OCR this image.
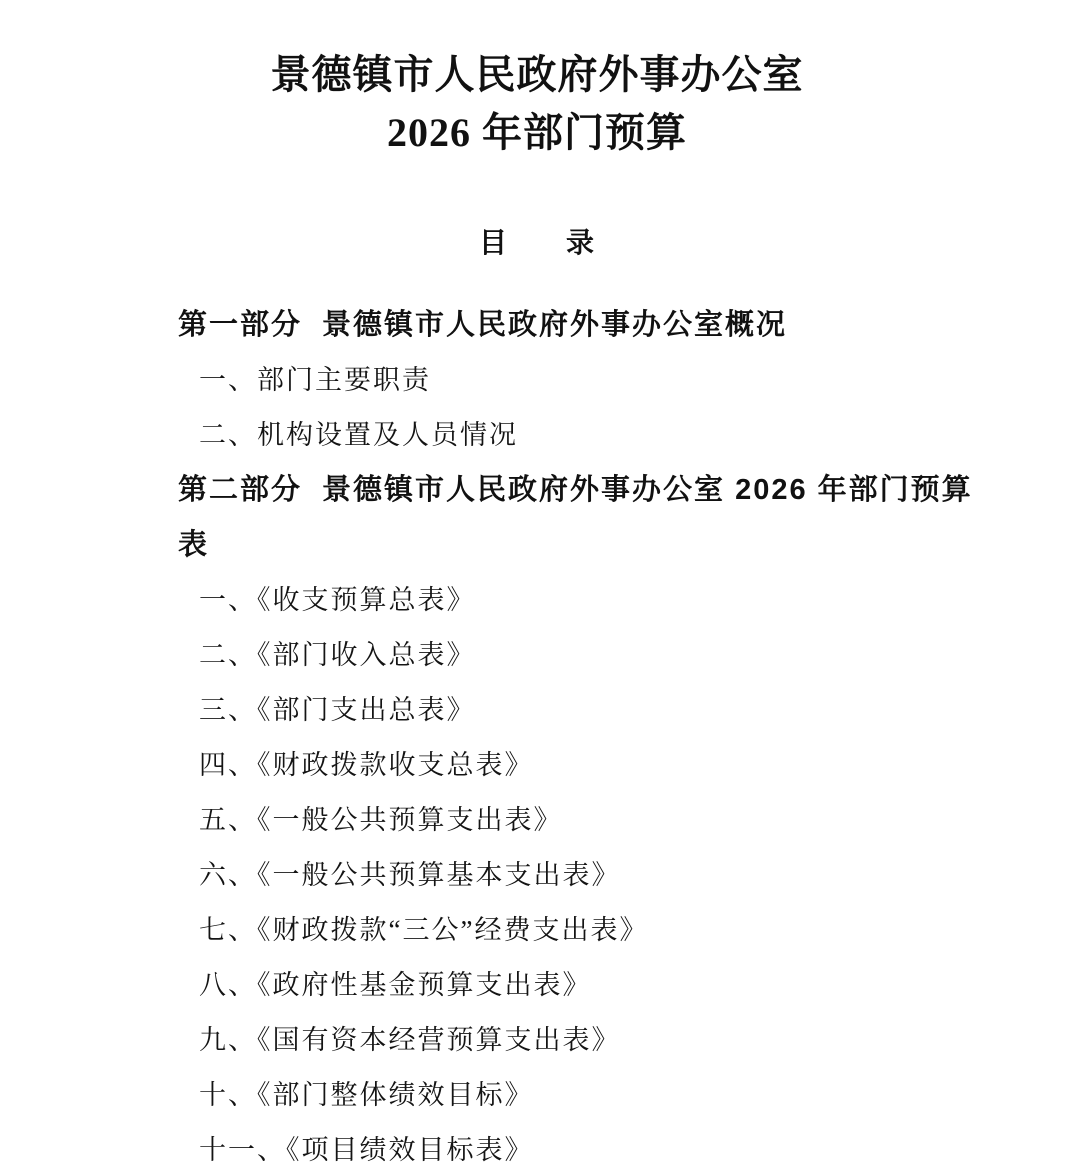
景德镇市人民政府外事办公室
2026 年部门预算
目　　录
第一部分 景德镇市人民政府外事办公室概况
一、部门主要职责
二、机构设置及人员情况
第二部分 景德镇市人民政府外事办公室 2026 年部门预算
表
一、《收支预算总表》
二、《部门收入总表》
三、《部门支出总表》
四、《财政拨款收支总表》
五、《一般公共预算支出表》
六、《一般公共预算基本支出表》
七、《财政拨款“三公”经费支出表》
八、《政府性基金预算支出表》
九、《国有资本经营预算支出表》
十、《部门整体绩效目标》
十一、《项目绩效目标表》
